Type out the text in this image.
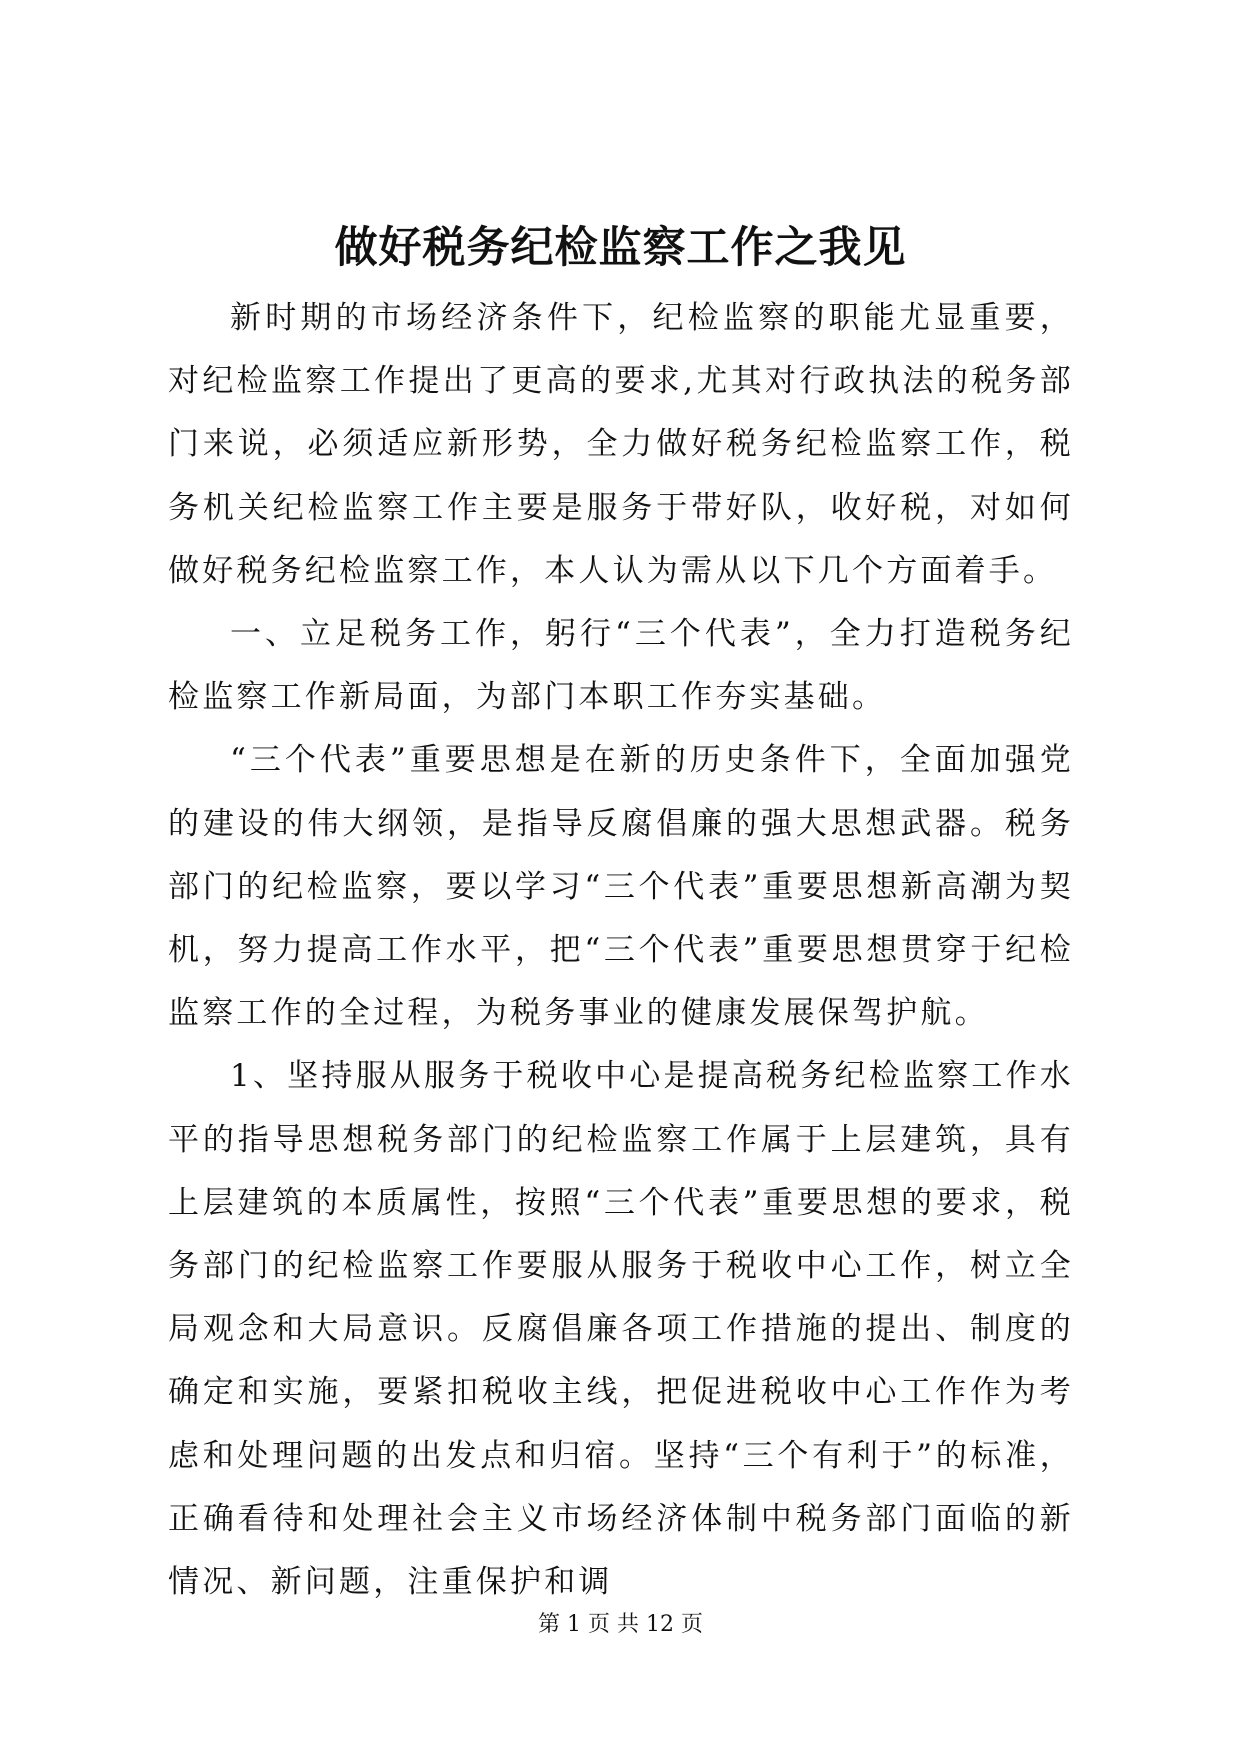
做好税务纪检监察工作之我见

新时期的市场经济条件下，纪检监察的职能尤显重要，对纪检监察工作提出了更高的要求,尤其对行政执法的税务部门来说，必须适应新形势，全力做好税务纪检监察工作，税务机关纪检监察工作主要是服务于带好队，收好税，对如何做好税务纪检监察工作，本人认为需从以下几个方面着手。

一、立足税务工作，躬行“三个代表”，全力打造税务纪检监察工作新局面，为部门本职工作夯实基础。

“三个代表”重要思想是在新的历史条件下，全面加强党的建设的伟大纲领，是指导反腐倡廉的强大思想武器。税务部门的纪检监察，要以学习“三个代表”重要思想新高潮为契机，努力提高工作水平，把“三个代表”重要思想贯穿于纪检监察工作的全过程，为税务事业的健康发展保驾护航。

1、坚持服从服务于税收中心是提高税务纪检监察工作水平的指导思想税务部门的纪检监察工作属于上层建筑，具有上层建筑的本质属性，按照“三个代表”重要思想的要求，税务部门的纪检监察工作要服从服务于税收中心工作，树立全局观念和大局意识。反腐倡廉各项工作措施的提出、制度的确定和实施，要紧扣税收主线，把促进税收中心工作作为考虑和处理问题的出发点和归宿。坚持“三个有利于”的标准，正确看待和处理社会主义市场经济体制中税务部门面临的新情况、新问题，注重保护和调

第 1 页 共 12 页
